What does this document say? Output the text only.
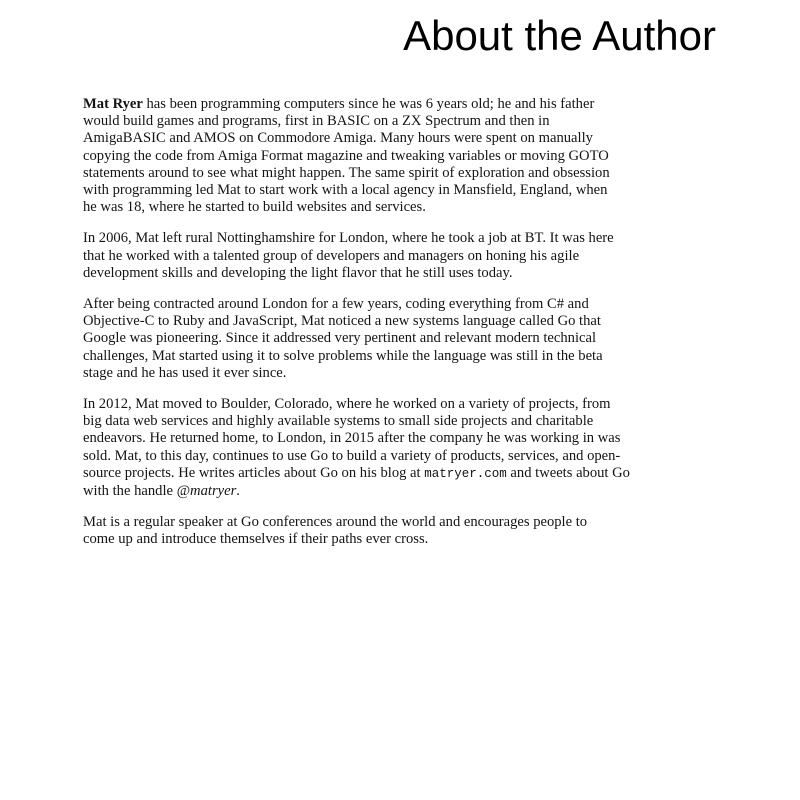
About the Author

Mat Ryer has been programming computers since he was 6 years old; he and his father
would build games and programs, first in BASIC on a ZX Spectrum and then in
AmigaBASIC and AMOS on Commodore Amiga. Many hours were spent on manually
copying the code from Amiga Format magazine and tweaking variables or moving GOTO
statements around to see what might happen. The same spirit of exploration and obsession
with programming led Mat to start work with a local agency in Mansfield, England, when
he was 18, where he started to build websites and services.

In 2006, Mat left rural Nottinghamshire for London, where he took a job at BT. It was here
that he worked with a talented group of developers and managers on honing his agile
development skills and developing the light flavor that he still uses today.

After being contracted around London for a few years, coding everything from C# and
Objective-C to Ruby and JavaScript, Mat noticed a new systems language called Go that
Google was pioneering. Since it addressed very pertinent and relevant modern technical
challenges, Mat started using it to solve problems while the language was still in the beta
stage and he has used it ever since.

In 2012, Mat moved to Boulder, Colorado, where he worked on a variety of projects, from
big data web services and highly available systems to small side projects and charitable
endeavors. He returned home, to London, in 2015 after the company he was working in was
sold. Mat, to this day, continues to use Go to build a variety of products, services, and open-
source projects. He writes articles about Go on his blog at matryer.com and tweets about Go
with the handle @matryer.

Mat is a regular speaker at Go conferences around the world and encourages people to
come up and introduce themselves if their paths ever cross.
